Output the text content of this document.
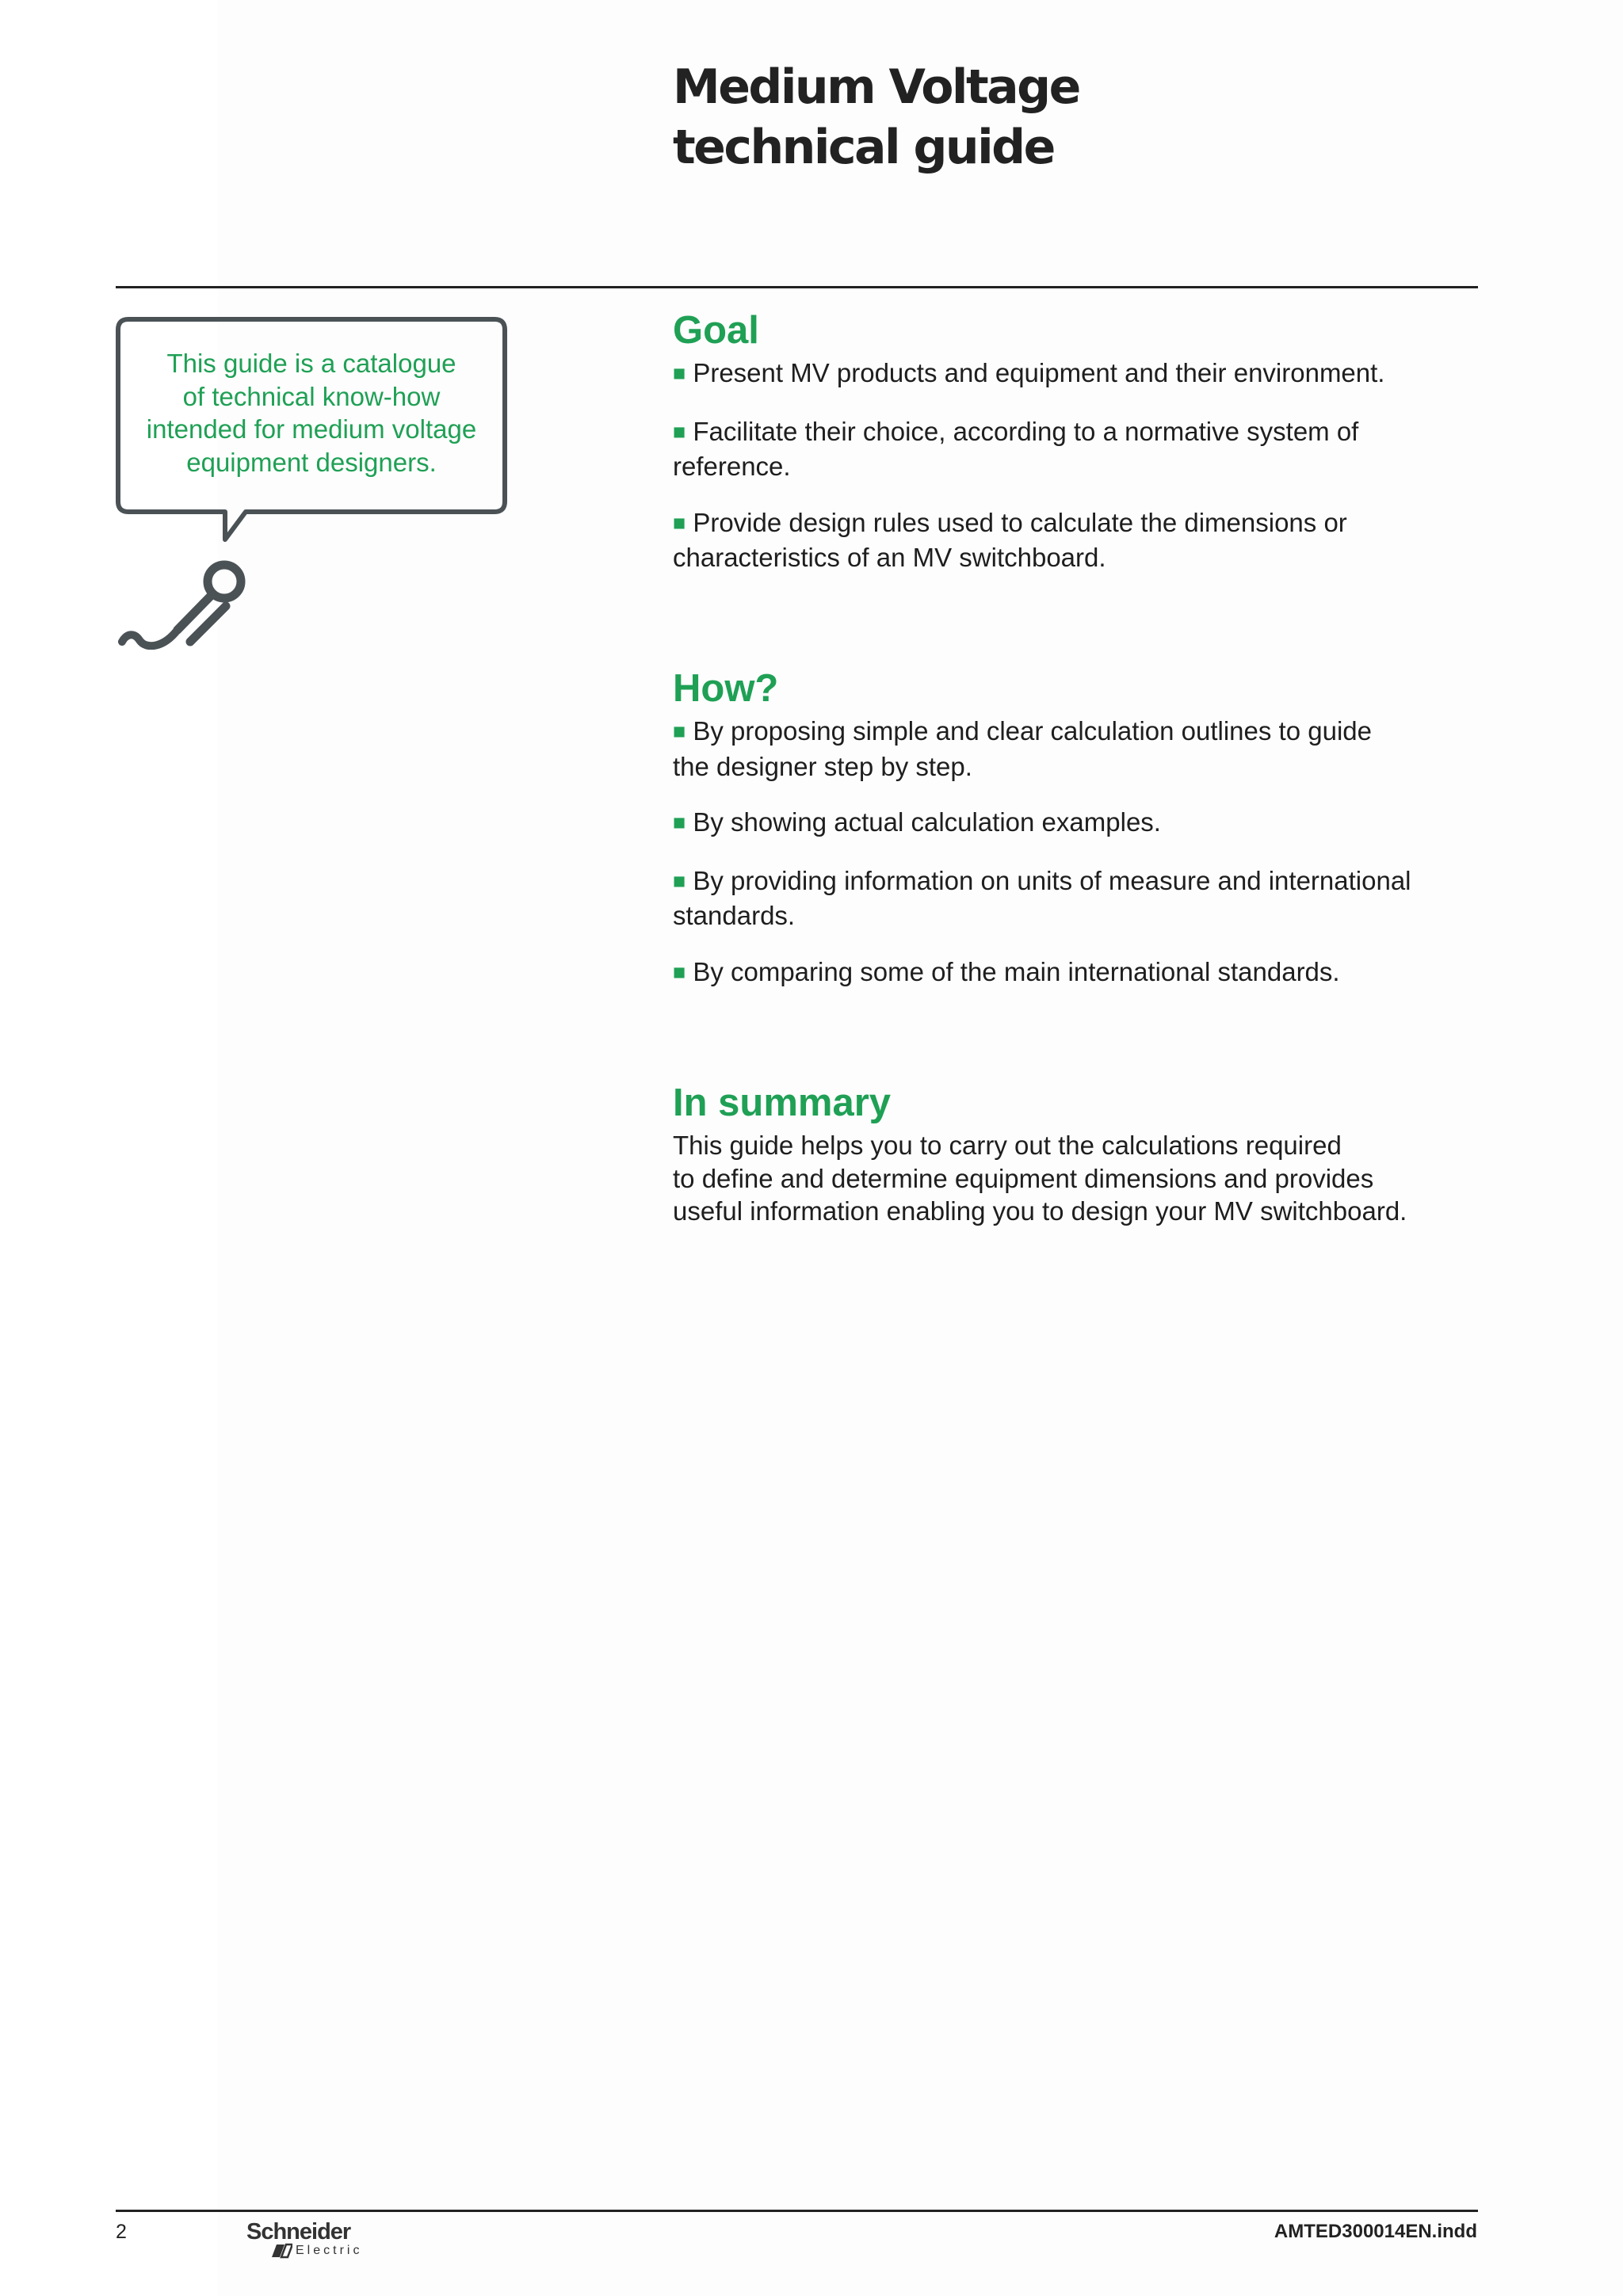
Medium Voltage
technical guide
This guide is a catalogue
of technical know-how
intended for medium voltage
equipment designers.
Goal

■ Present MV products and equipment and their environment.

■ Facilitate their choice, according to a normative system of reference.

■ Provide design rules used to calculate the dimensions or characteristics of an MV switchboard.

How?

■ By proposing simple and clear calculation outlines to guide the designer step by step.

■ By showing actual calculation examples.

■ By providing information on units of measure and international standards.

■ By comparing some of the main international standards.

In summary

This guide helps you to carry out the calculations required
to define and determine equipment dimensions and provides
useful information enabling you to design your MV switchboard.

2	Schneider
Electric
AMTED300014EN.indd
